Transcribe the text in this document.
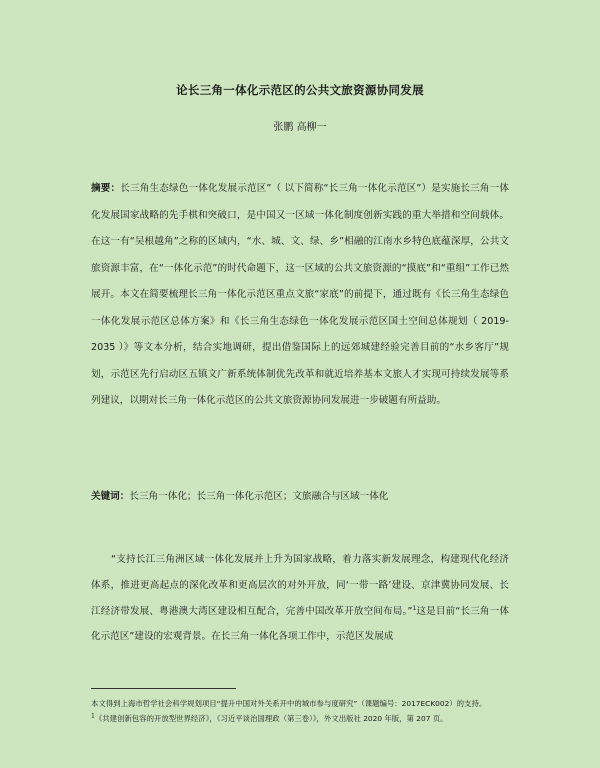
论长三角一体化示范区的公共文旅资源协同发展
张鹏 高柳一

摘要：长三角生态绿色一体化发展示范区”（ 以下简称“长三角一体化示范区”）是实施长三角一体化发展国家战略的先手棋和突破口，是中国又一区域一体化制度创新实践的重大举措和空间载体。在这一有“吴根越角”之称的区域内，“水、城、文、绿、乡”相融的江南水乡特色底蕴深厚，公共文旅资源丰富，在“一体化示范”的时代命题下，这一区域的公共文旅资源的“摸底”和“重组”工作已然展开。本文在简要梳理长三角一体化示范区重点文旅“家底”的前提下，通过既有《长三角生态绿色一体化发展示范区总体方案》和《长三角生态绿色一体化发展示范区国土空间总体规划（ 2019-2035 ）》等文本分析，结合实地调研，提出借鉴国际上的远郊城建经验完善目前的“水乡客厅”规划，示范区先行启动区五镇文广新系统体制优先改革和就近培养基本文旅人才实现可持续发展等系列建议，以期对长三角一体化示范区的公共文旅资源协同发展进一步破题有所益助。

关键词：长三角一体化；长三角一体化示范区；文旅融合与区域一体化

“支持长江三角洲区域一体化发展并上升为国家战略，着力落实新发展理念，构建现代化经济体系，推进更高起点的深化改革和更高层次的对外开放，同‘一带一路’建设、京津冀协同发展、长江经济带发展、粤港澳大湾区建设相互配合，完善中国改革开放空间布局。”$^1$这是目前“长三角一体化示范区”建设的宏观背景。在长三角一体化各项工作中，示范区发展成

本文得到上海市哲学社会科学规划项目“提升中国对外关系开中的城市参与度研究”（课题编号：2017ECK002）的支持。

$^1$《共建创新包容的开放型世界经济》，《习近平谈治国理政（第三卷）》，外文出版社 2020 年版，第 207 页。
